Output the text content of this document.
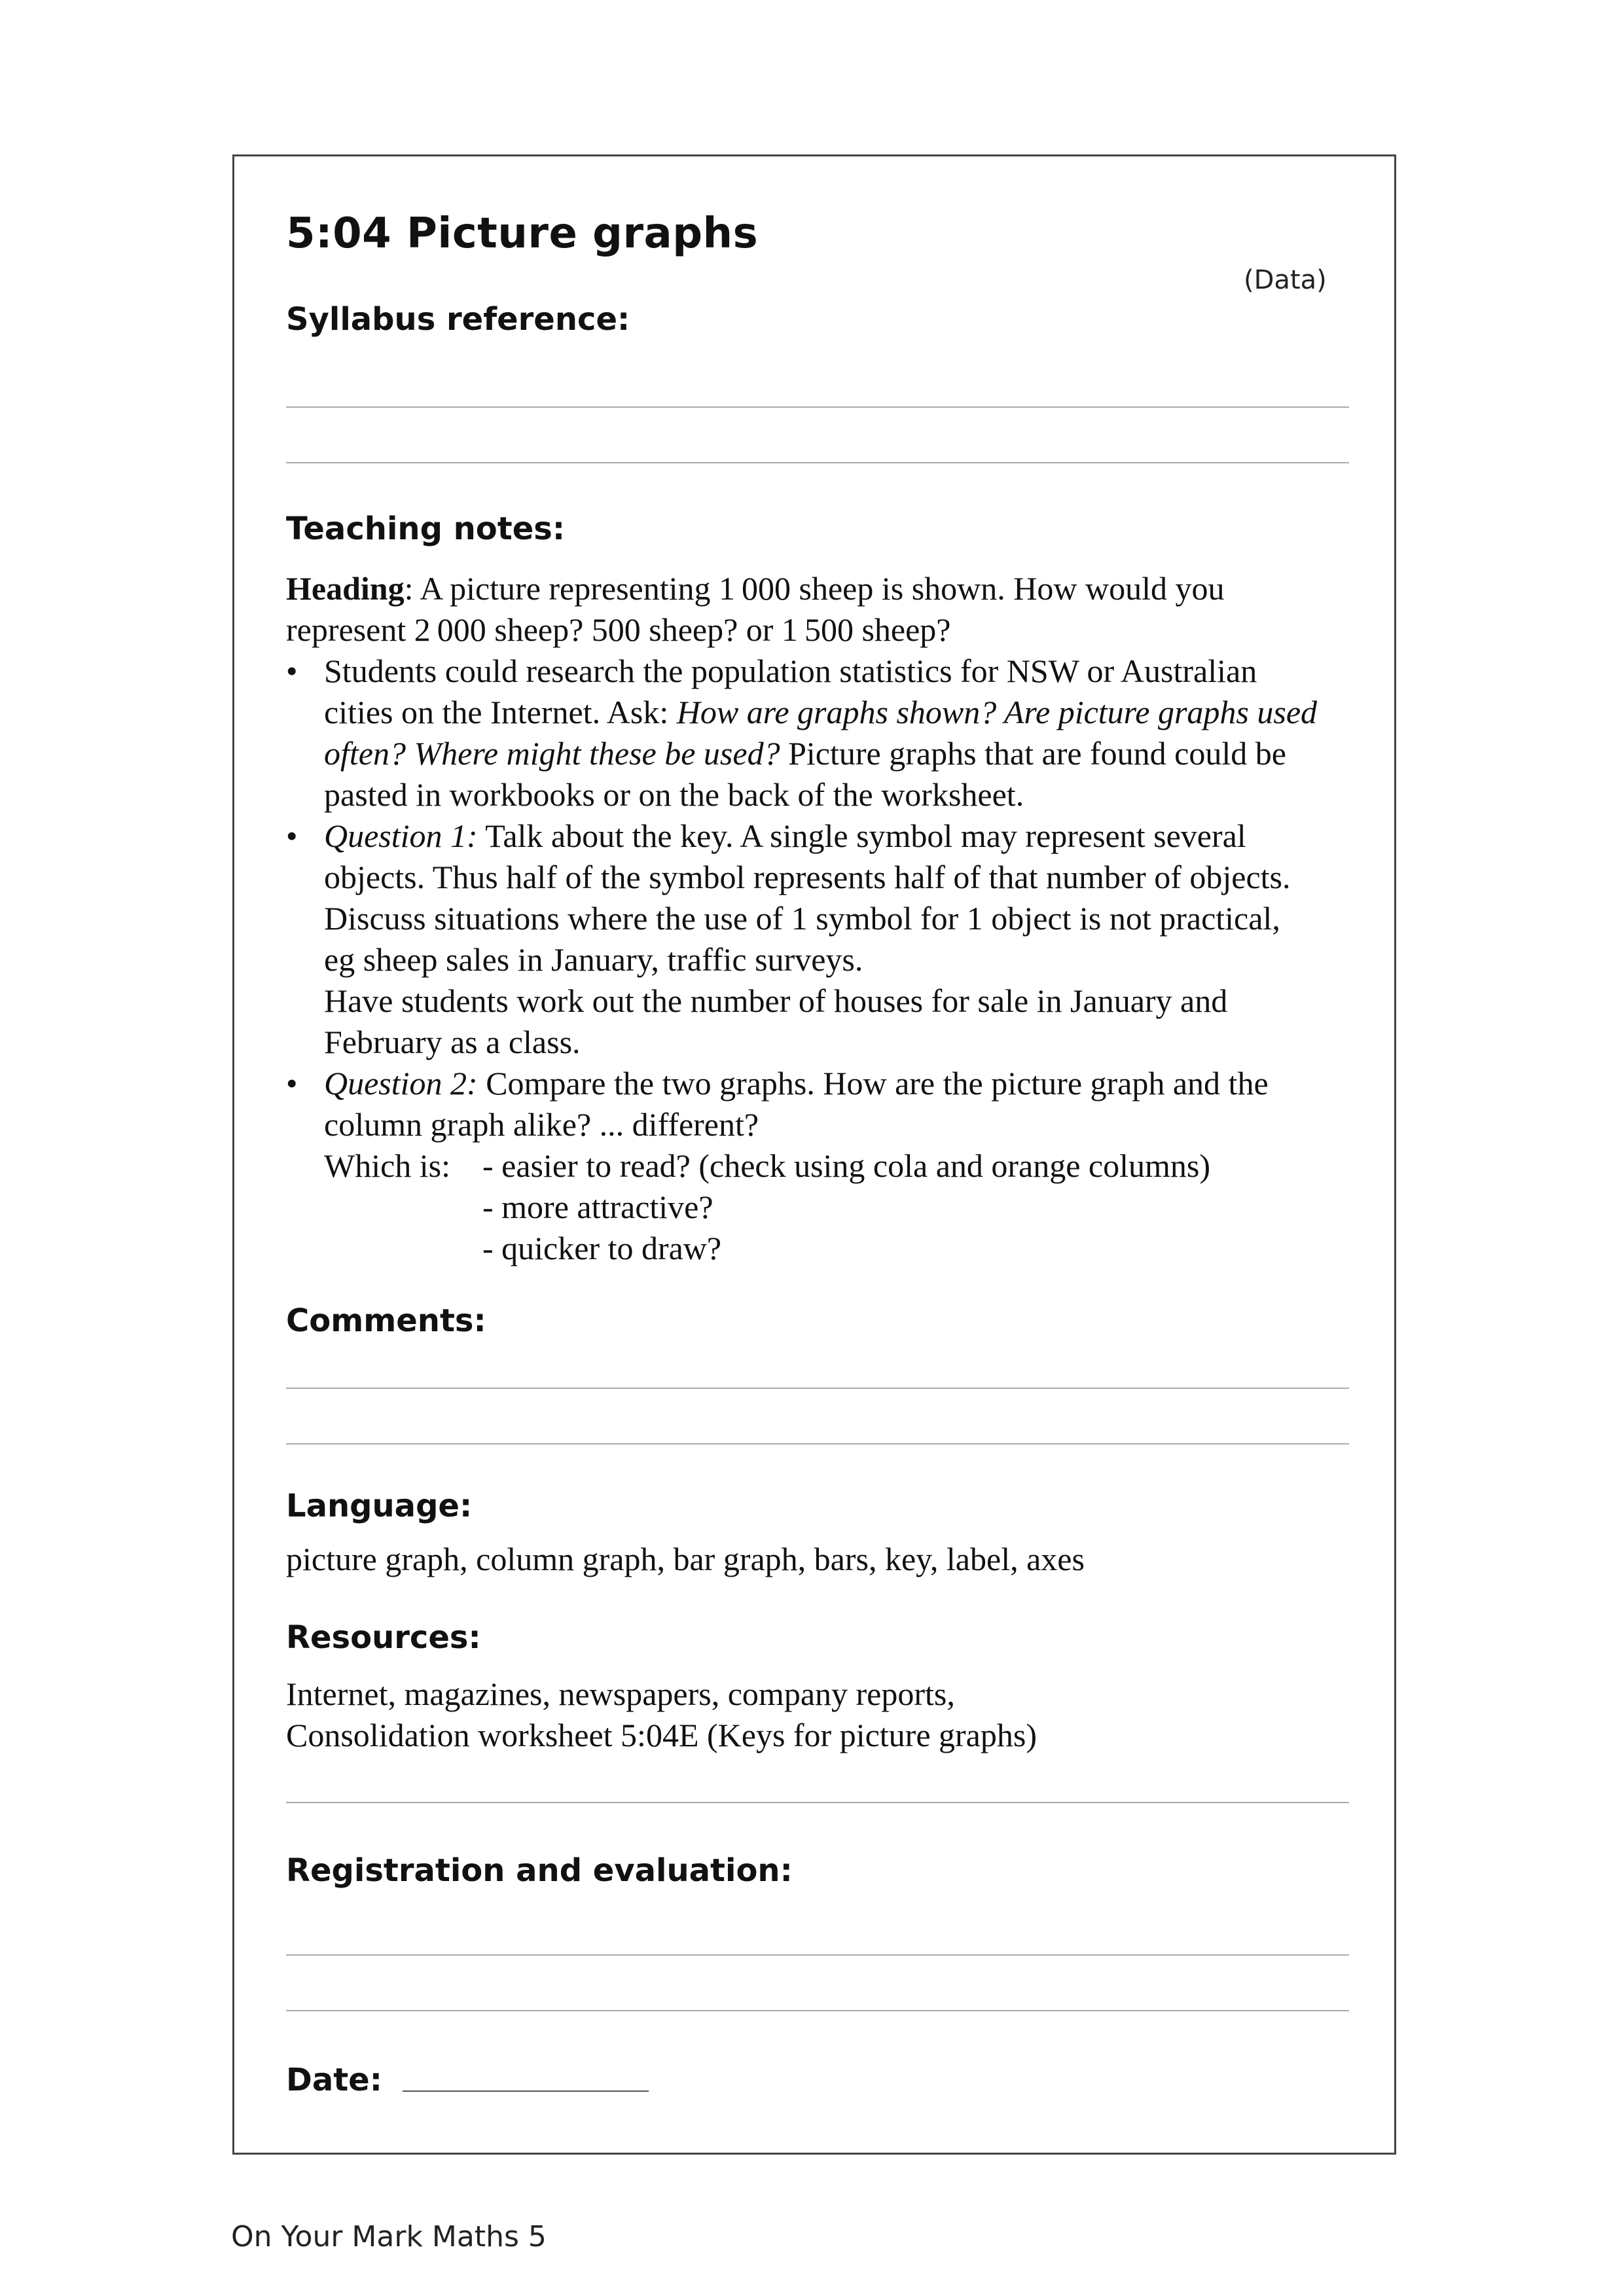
5:04 Picture graphs
(Data)
Syllabus reference:
Teaching notes:
Heading: A picture representing 1 000 sheep is shown. How would you
represent 2 000 sheep? 500 sheep? or 1 500 sheep?
• Students could research the population statistics for NSW or Australian
cities on the Internet. Ask: How are graphs shown? Are picture graphs used
often? Where might these be used? Picture graphs that are found could be
pasted in workbooks or on the back of the worksheet.
• Question 1: Talk about the key. A single symbol may represent several
objects. Thus half of the symbol represents half of that number of objects.
Discuss situations where the use of 1 symbol for 1 object is not practical,
eg sheep sales in January, traffic surveys.
Have students work out the number of houses for sale in January and
February as a class.
• Question 2: Compare the two graphs. How are the picture graph and the
column graph alike? ... different?
Which is: - easier to read? (check using cola and orange columns)
- more attractive?
- quicker to draw?
Comments:
Language:
picture graph, column graph, bar graph, bars, key, label, axes
Resources:
Internet, magazines, newspapers, company reports,
Consolidation worksheet 5:04E (Keys for picture graphs)
Registration and evaluation:
Date:
On Your Mark Maths 5
